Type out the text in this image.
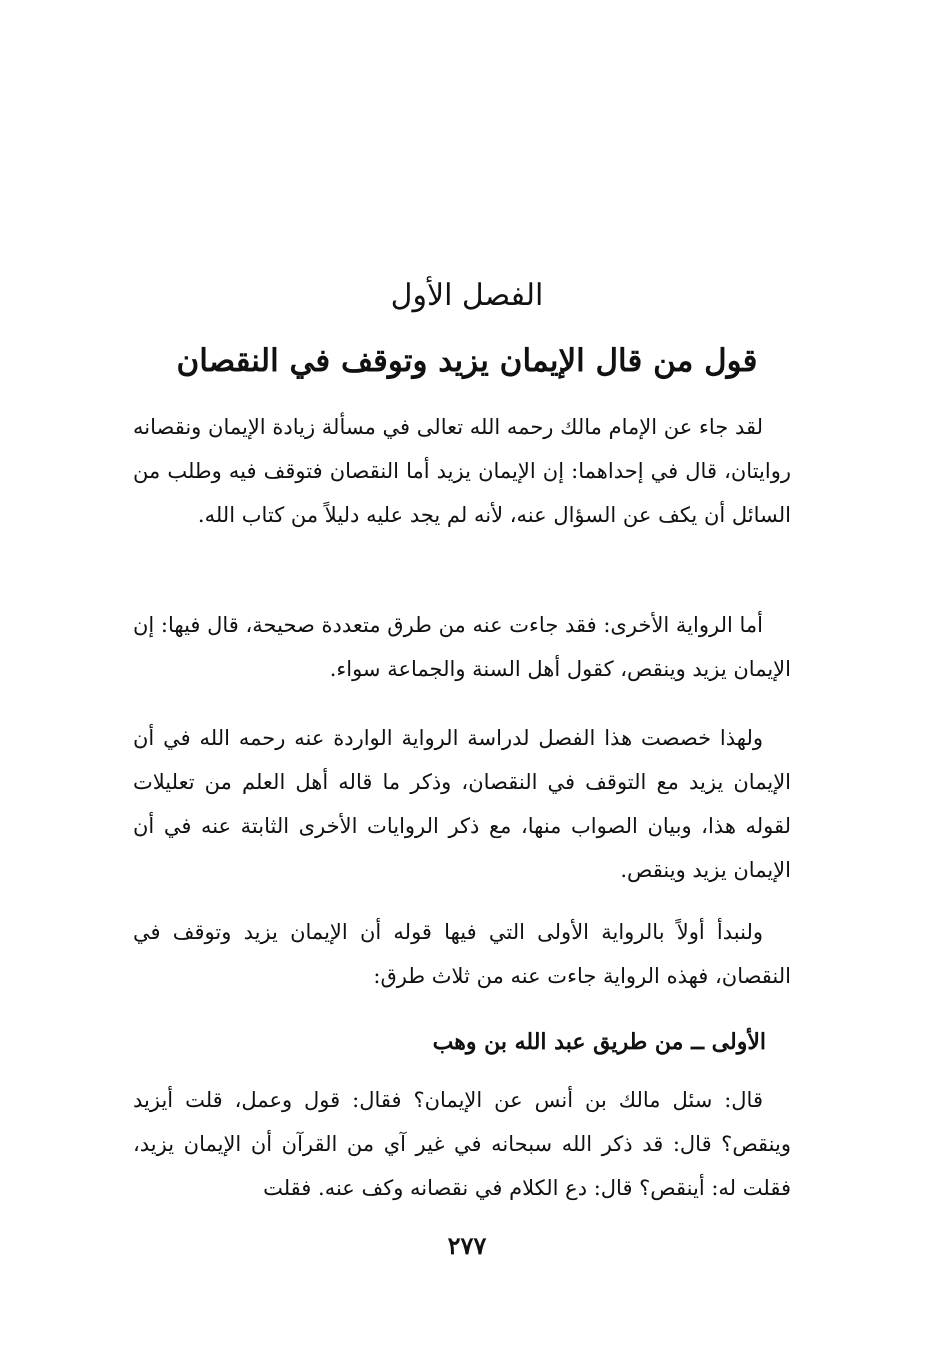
الفصل الأول
قول من قال الإيمان يزيد وتوقف في النقصان

لقد جاء عن الإمام مالك رحمه الله تعالى في مسألة زيادة الإيمان ونقصانه روايتان، قال في إحداهما: إن الإيمان يزيد أما النقصان فتوقف فيه وطلب من السائل أن يكف عن السؤال عنه، لأنه لم يجد عليه دليلاً من كتاب الله.

أما الرواية الأخرى: فقد جاءت عنه من طرق متعددة صحيحة، قال فيها: إن الإيمان يزيد وينقص، كقول أهل السنة والجماعة سواء.

ولهذا خصصت هذا الفصل لدراسة الرواية الواردة عنه رحمه الله في أن الإيمان يزيد مع التوقف في النقصان، وذكر ما قاله أهل العلم من تعليلات لقوله هذا، وبيان الصواب منها، مع ذكر الروايات الأخرى الثابتة عنه في أن الإيمان يزيد وينقص.

ولنبدأ أولاً بالرواية الأولى التي فيها قوله أن الإيمان يزيد وتوقف في النقصان، فهذه الرواية جاءت عنه من ثلاث طرق:

الأولى ــ من طريق عبد الله بن وهب

قال: سئل مالك بن أنس عن الإيمان؟ فقال: قول وعمل، قلت أيزيد وينقص؟ قال: قد ذكر الله سبحانه في غير آي من القرآن أن الإيمان يزيد، فقلت له: أينقص؟ قال: دع الكلام في نقصانه وكف عنه. فقلت

٢٧٧
